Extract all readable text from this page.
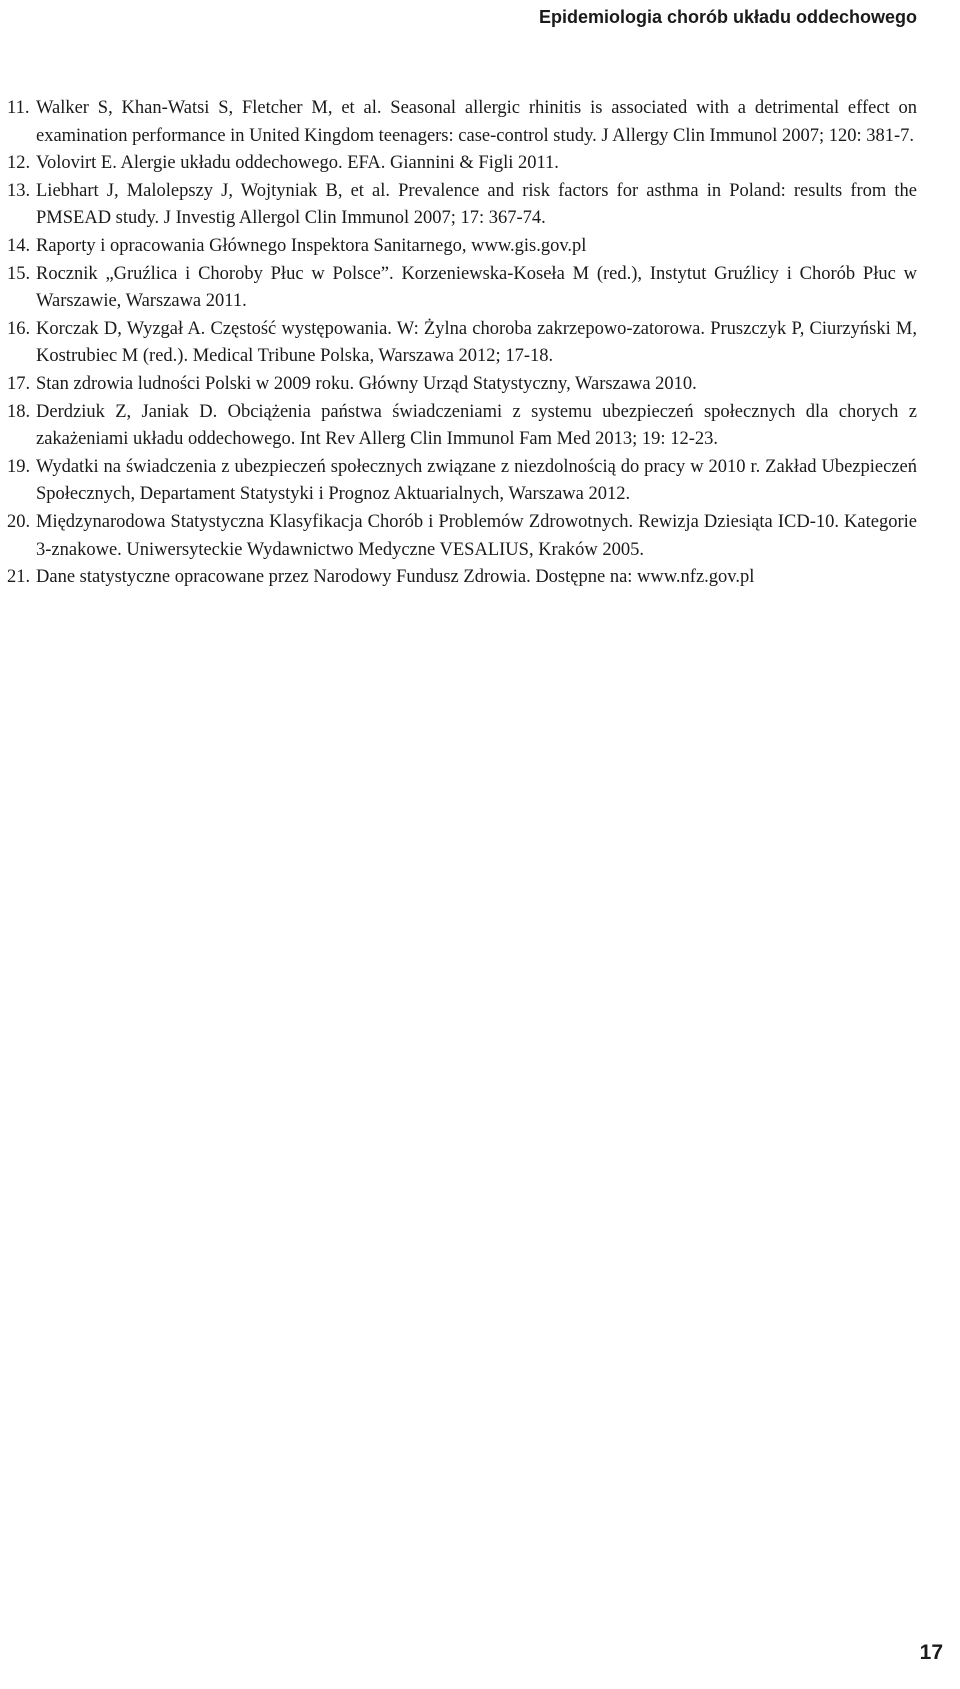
Epidemiologia chorób układu oddechowego
11. Walker S, Khan-Watsi S, Fletcher M, et al. Seasonal allergic rhinitis is associated with a detrimental effect on examination performance in United Kingdom teenagers: case-control study. J Allergy Clin Immunol 2007; 120: 381-7.
12. Volovirt E. Alergie układu oddechowego. EFA. Giannini & Figli 2011.
13. Liebhart J, Malolepszy J, Wojtyniak B, et al. Prevalence and risk factors for asthma in Poland: results from the PMSEAD study. J Investig Allergol Clin Immunol 2007; 17: 367-74.
14. Raporty i opracowania Głównego Inspektora Sanitarnego, www.gis.gov.pl
15. Rocznik „Gruźlica i Choroby Płuc w Polsce”. Korzeniewska-Koseła M (red.), Instytut Gruźlicy i Chorób Płuc w Warszawie, Warszawa 2011.
16. Korczak D, Wyzgał A. Częstość występowania. W: Żylna choroba zakrzepowo-zatorowa. Pruszczyk P, Ciurzyński M, Kostrubiec M (red.). Medical Tribune Polska, Warszawa 2012; 17-18.
17. Stan zdrowia ludności Polski w 2009 roku. Główny Urząd Statystyczny, Warszawa 2010.
18. Derdziuk Z, Janiak D. Obciążenia państwa świadczeniami z systemu ubezpieczeń społecznych dla chorych z zakażeniami układu oddechowego. Int Rev Allerg Clin Immunol Fam Med 2013; 19: 12-23.
19. Wydatki na świadczenia z ubezpieczeń społecznych związane z niezdolnością do pracy w 2010 r. Zakład Ubezpieczeń Społecznych, Departament Statystyki i Prognoz Aktuarialnych, Warszawa 2012.
20. Międzynarodowa Statystyczna Klasyfikacja Chorób i Problemów Zdrowotnych. Rewizja Dziesiąta ICD-10. Kategorie 3-znakowe. Uniwersyteckie Wydawnictwo Medyczne VESALIUS, Kraków 2005.
21. Dane statystyczne opracowane przez Narodowy Fundusz Zdrowia. Dostępne na: www.nfz.gov.pl
17
